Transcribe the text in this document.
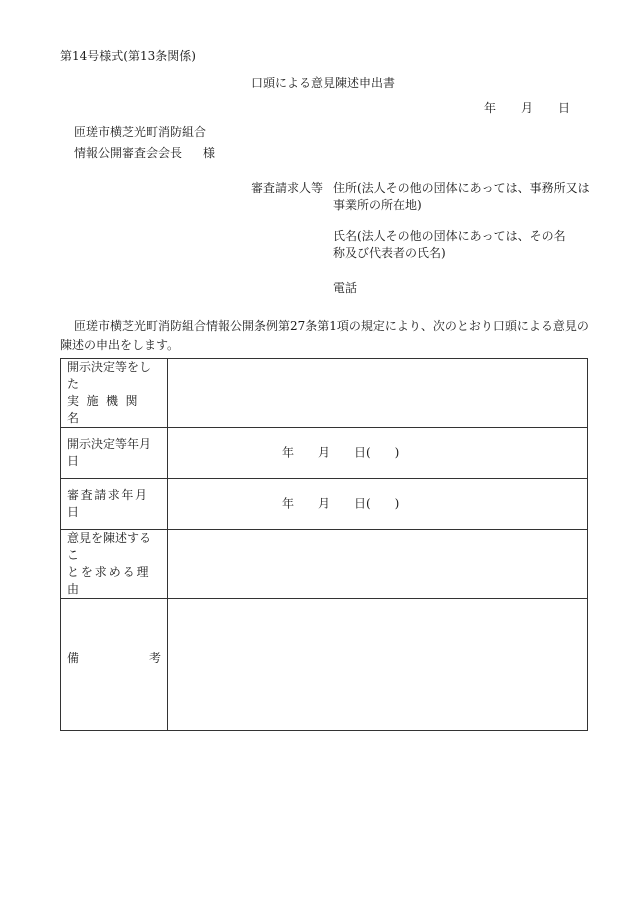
第14号様式(第13条関係)
口頭による意見陳述申出書
年 月 日
匝瑳市横芝光町消防組合
情報公開審査会会長 様
審査請求人等 住所(法人その他の団体にあっては、事務所又は
事業所の所在地)
氏名(法人その他の団体にあっては、その名
称及び代表者の氏名)
電話
匝瑳市横芝光町消防組合情報公開条例第27条第1項の規定により、次のとおり口頭による意見の
陳述の申出をします。
開示決定等をした
実施機関名	

開示決定等年月日	年　　月　　日(　　)

審査請求年月日	年　　月　　日(　　)

意見を陳述するこ
とを求める理由	

備 考	
